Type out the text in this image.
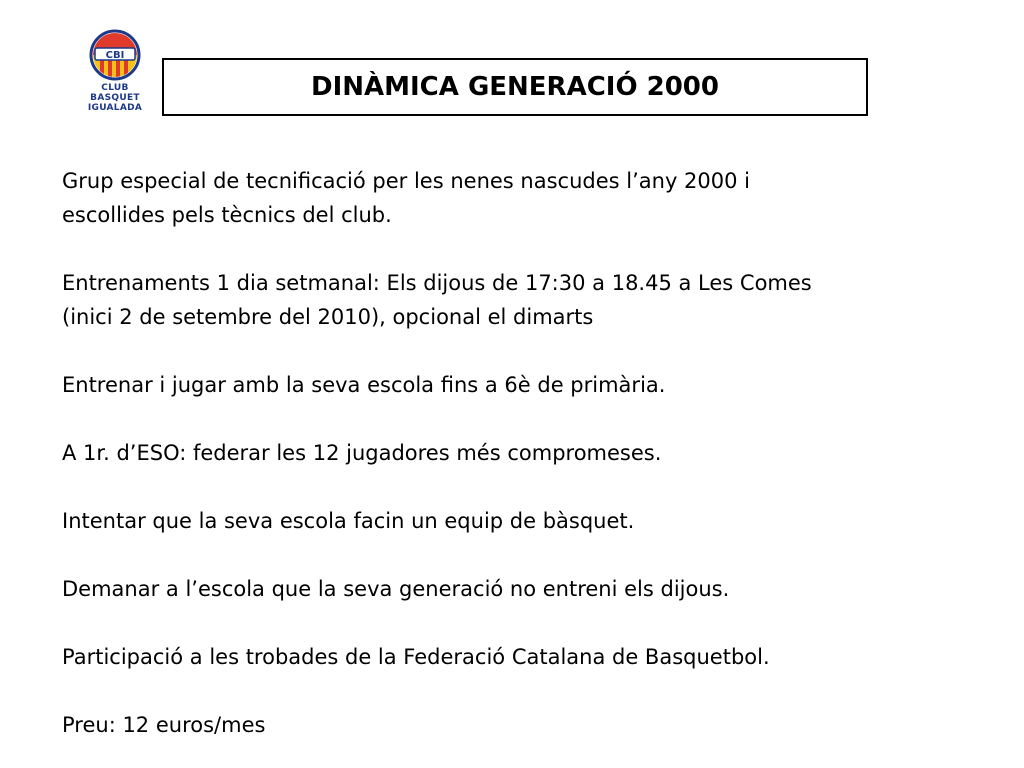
CBI
CLUB
BASQUET
IGUALADA
DINÀMICA GENERACIÓ 2000
Grup especial de tecnificació per les nenes nascudes l’any 2000 i
escollides pels tècnics del club.
Entrenaments 1 dia setmanal: Els dijous de 17:30 a 18.45 a Les Comes
(inici 2 de setembre del 2010), opcional el dimarts
Entrenar i jugar amb la seva escola fins a 6è de primària.
A 1r. d’ESO: federar les 12 jugadores més compromeses.
Intentar que la seva escola facin un equip de bàsquet.
Demanar a l’escola que la seva generació no entreni els dijous.
Participació a les trobades de la Federació Catalana de Basquetbol.
Preu: 12 euros/mes
